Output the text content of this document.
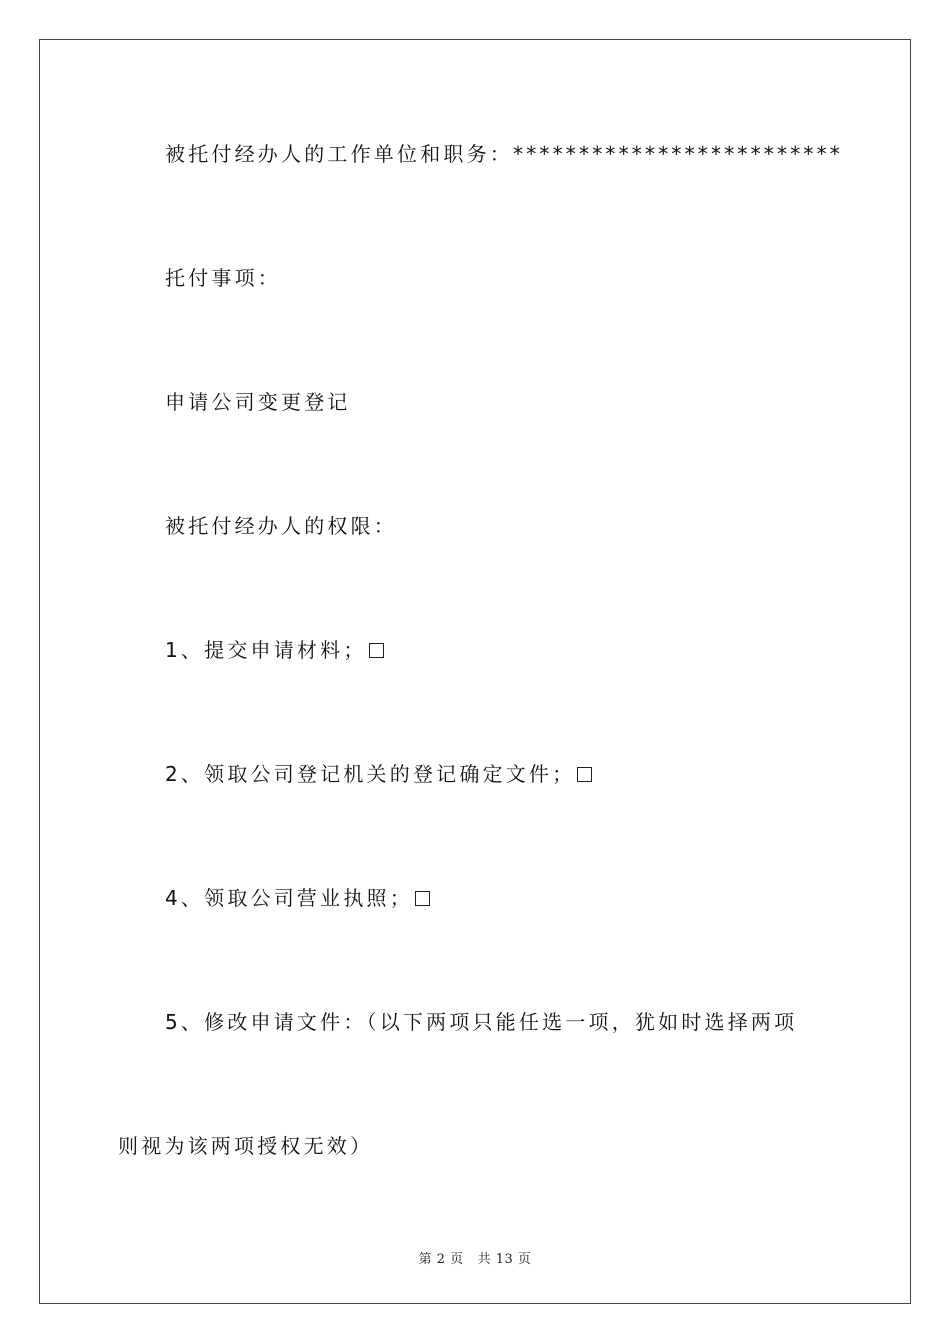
被托付经办人的工作单位和职务：*************************
托付事项：
申请公司变更登记
被托付经办人的权限：
1、提交申请材料；
2、领取公司登记机关的登记确定文件；
4、领取公司营业执照；
5、修改申请文件：（以下两项只能任选一项，犹如时选择两项
则视为该两项授权无效）
第 2 页 共 13 页
